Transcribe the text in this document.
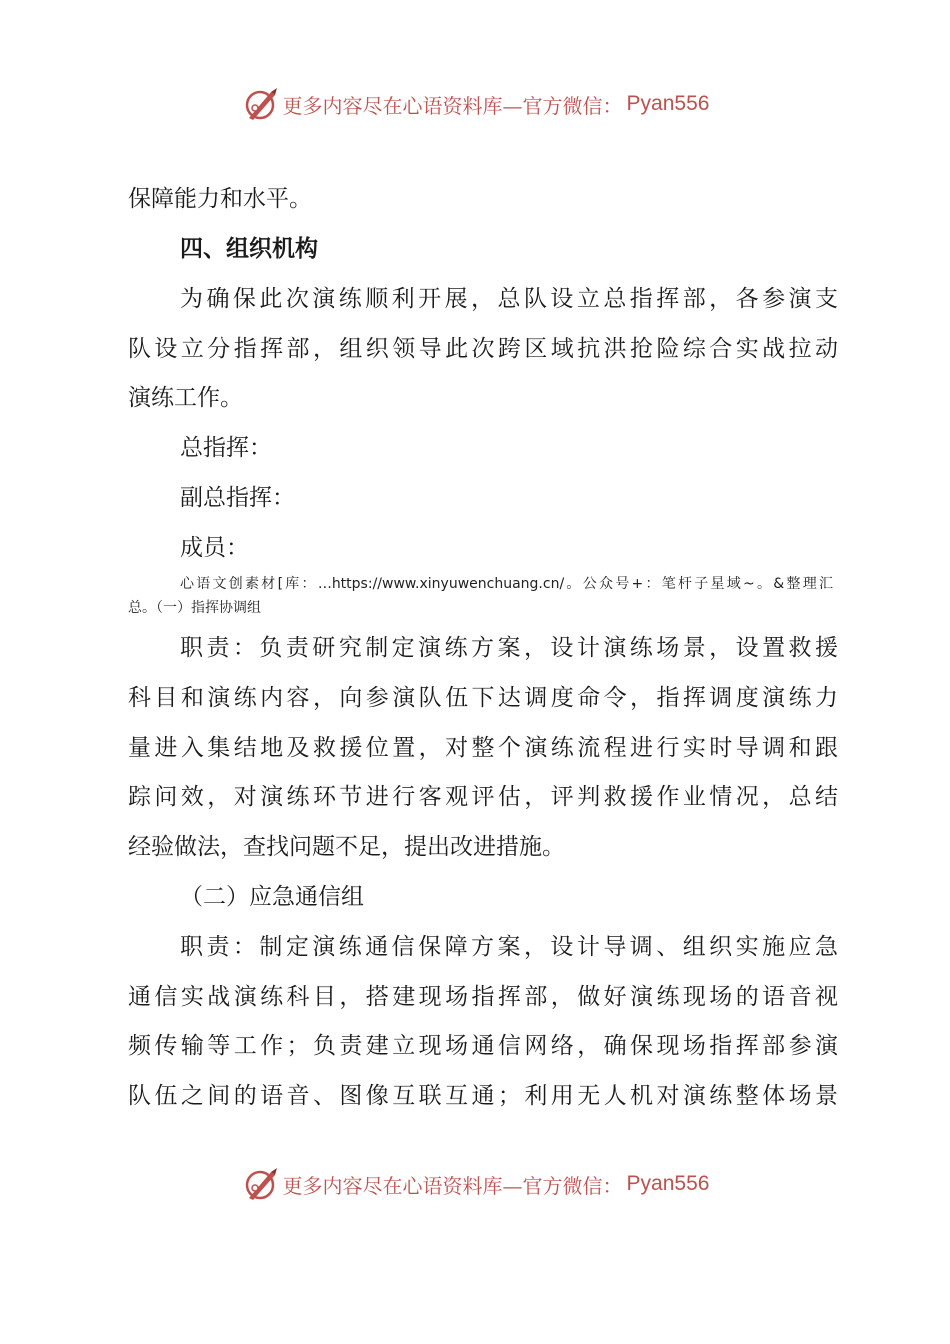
更多内容尽在心语资料库—官方微信： Pyan556
保障能力和水平。
四、组织机构
为确保此次演练顺利开展，总队设立总指挥部，各参演支
队设立分指挥部，组织领导此次跨区域抗洪抢险综合实战拉动
演练工作。
总指挥：
副总指挥：
成员：
心语文创素材[库：…https://www.xinyuwenchuang.cn/。公众号+：笔杆子星域~。&整理汇
总。（一）指挥协调组
职责：负责研究制定演练方案，设计演练场景，设置救援
科目和演练内容，向参演队伍下达调度命令，指挥调度演练力
量进入集结地及救援位置，对整个演练流程进行实时导调和跟
踪问效，对演练环节进行客观评估，评判救援作业情况，总结
经验做法，查找问题不足，提出改进措施。
（二）应急通信组
职责：制定演练通信保障方案，设计导调、组织实施应急
通信实战演练科目，搭建现场指挥部，做好演练现场的语音视
频传输等工作；负责建立现场通信网络，确保现场指挥部参演
队伍之间的语音、图像互联互通；利用无人机对演练整体场景
更多内容尽在心语资料库—官方微信： Pyan556
